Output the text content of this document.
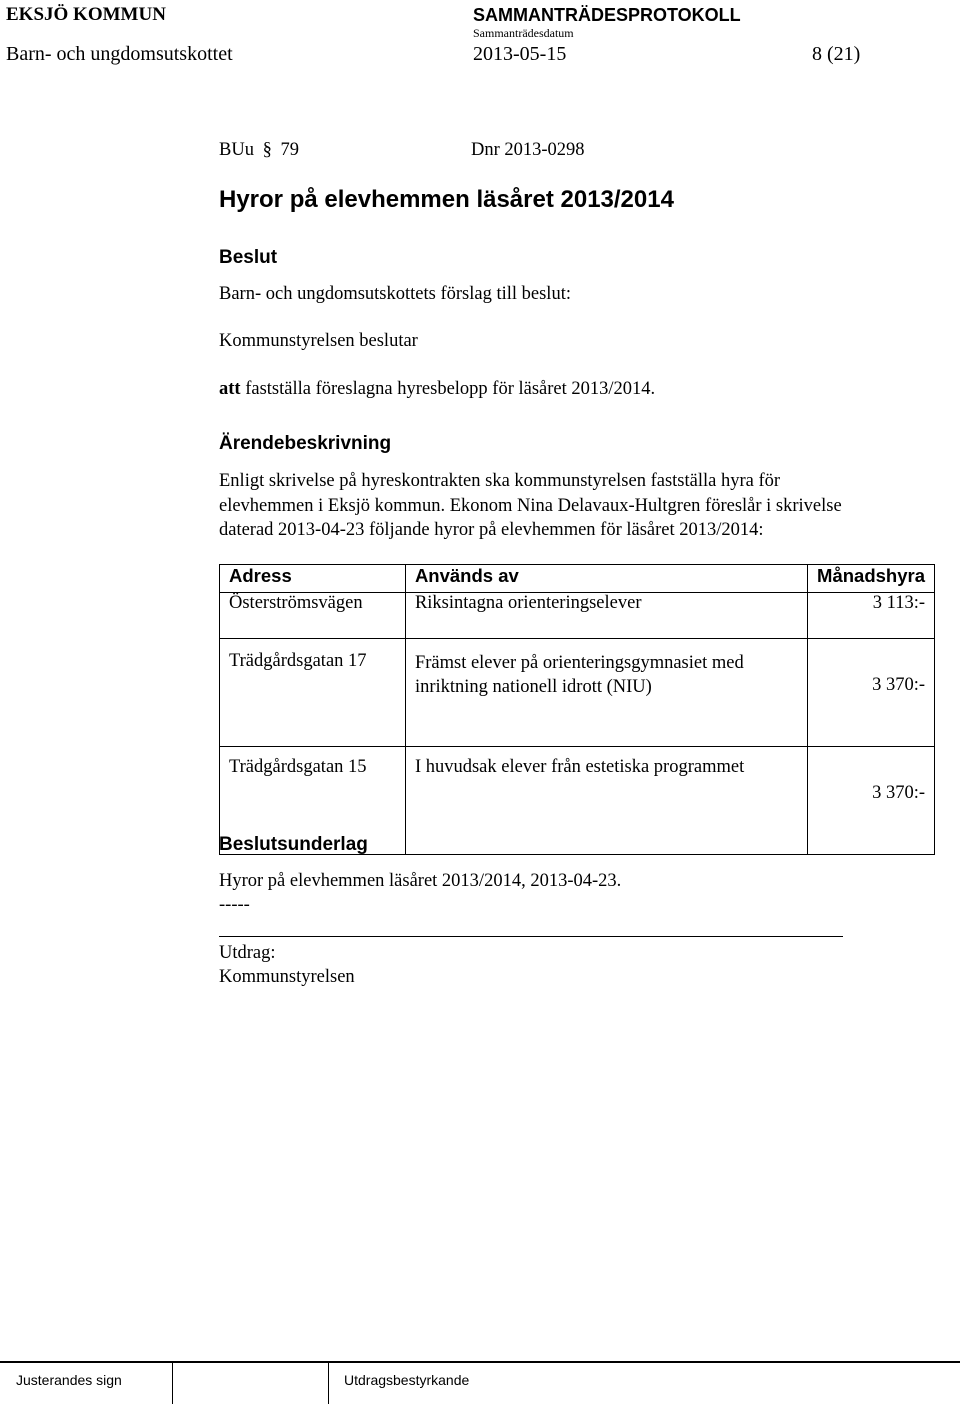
EKSJÖ KOMMUN	SAMMANTRÄDESPROTOKOLL
Sammanträdesdatum
Barn- och ungdomsutskottet	2013-05-15	8 (21)
BUu § 79	Dnr 2013-0298
Hyror på elevhemmen läsåret 2013/2014
Beslut
Barn- och ungdomsutskottets förslag till beslut:
Kommunstyrelsen beslutar
att fastställa föreslagna hyresbelopp för läsåret 2013/2014.
Ärendebeskrivning
Enligt skrivelse på hyreskontrakten ska kommunstyrelsen fastställa hyra för
elevhemmen i Eksjö kommun. Ekonom Nina Delavaux-Hultgren föreslår i skrivelse
daterad 2013-04-23 följande hyror på elevhemmen för läsåret 2013/2014:
Adress	Används av	Månadshyra
Österströmsvägen	Riksintagna orienteringselever	3 113:-
Trädgårdsgatan 17	Främst elever på orienteringsgymnasiet med
inriktning nationell idrott (NIU)	3 370:-
Trädgårdsgatan 15	I huvudsak elever från estetiska programmet	3 370:-
Beslutsunderlag
Hyror på elevhemmen läsåret 2013/2014, 2013-04-23.
-----
Utdrag:
Kommunstyrelsen
Justerandes sign	Utdragsbestyrkande
